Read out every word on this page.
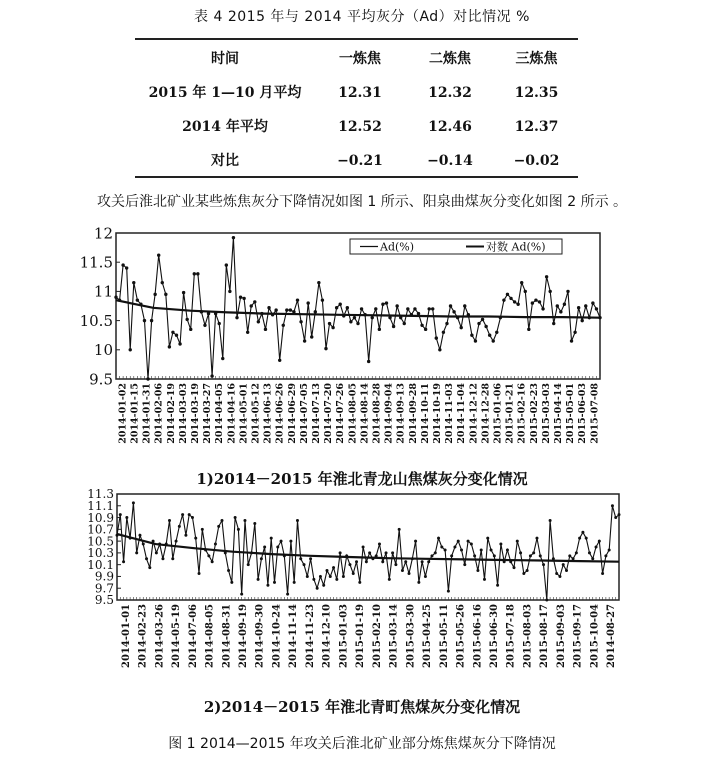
表 4 2015 年与 2014 平均灰分（Ad）对比情况 %
时间	一炼焦	二炼焦	三炼焦
2015 年 1—10 月平均	12.31	12.32	12.35
2014 年平均	12.52	12.46	12.37
对比	−0.21	−0.14	−0.02
攻关后淮北矿业某些炼焦灰分下降情况如图 1 所示、阳泉曲煤灰分变化如图 2 所示 。
12
11.5
11
10.5
10
9.5
2014-01-02 2014-01-15 2014-01-31 2014-02-06 2014-02-19 2014-03-03 2014-03-19 2014-03-27 2014-04-05 2014-04-16 2014-05-01 2014-05-12 2014-06-13 2014-06-26 2014-06-29 2014-07-05 2014-07-13 2014-07-20 2014-07-26 2014-08-05 2014-08-14 2014-08-28 2014-09-04 2014-09-13 2014-09-28 2014-10-11 2014-10-19 2014-11-03 2014-11-04 2014-12-12 2014-12-28 2015-01-06 2015-01-21 2015-02-16 2015-02-23 2015-03-03 2015-04-14 2015-05-01 2015-06-03 2015-07-08
Ad(%)	对数 Ad(%)
1)2014－2015 年淮北青龙山焦煤灰分变化情况
11.3
11.1
10.9
10.7
10.5
10.3
10.1
9.9
9.7
9.5
2014-01-01 2014-02-23 2014-03-26 2014-05-19 2014-07-06 2014-08-05 2014-08-31 2014-09-19 2014-09-30 2014-10-24 2014-11-14 2014-11-23 2014-12-10 2015-01-03 2015-01-19 2015-02-10 2015-03-14 2015-03-30 2015-04-25 2015-05-11 2015-05-26 2015-06-16 2015-06-30 2015-07-18 2015-08-03 2015-08-17 2015-09-03 2015-09-17 2015-10-04 2014-08-27
2)2014－2015 年淮北青町焦煤灰分变化情况
图 1 2014—2015 年攻关后淮北矿业部分炼焦煤灰分下降情况
